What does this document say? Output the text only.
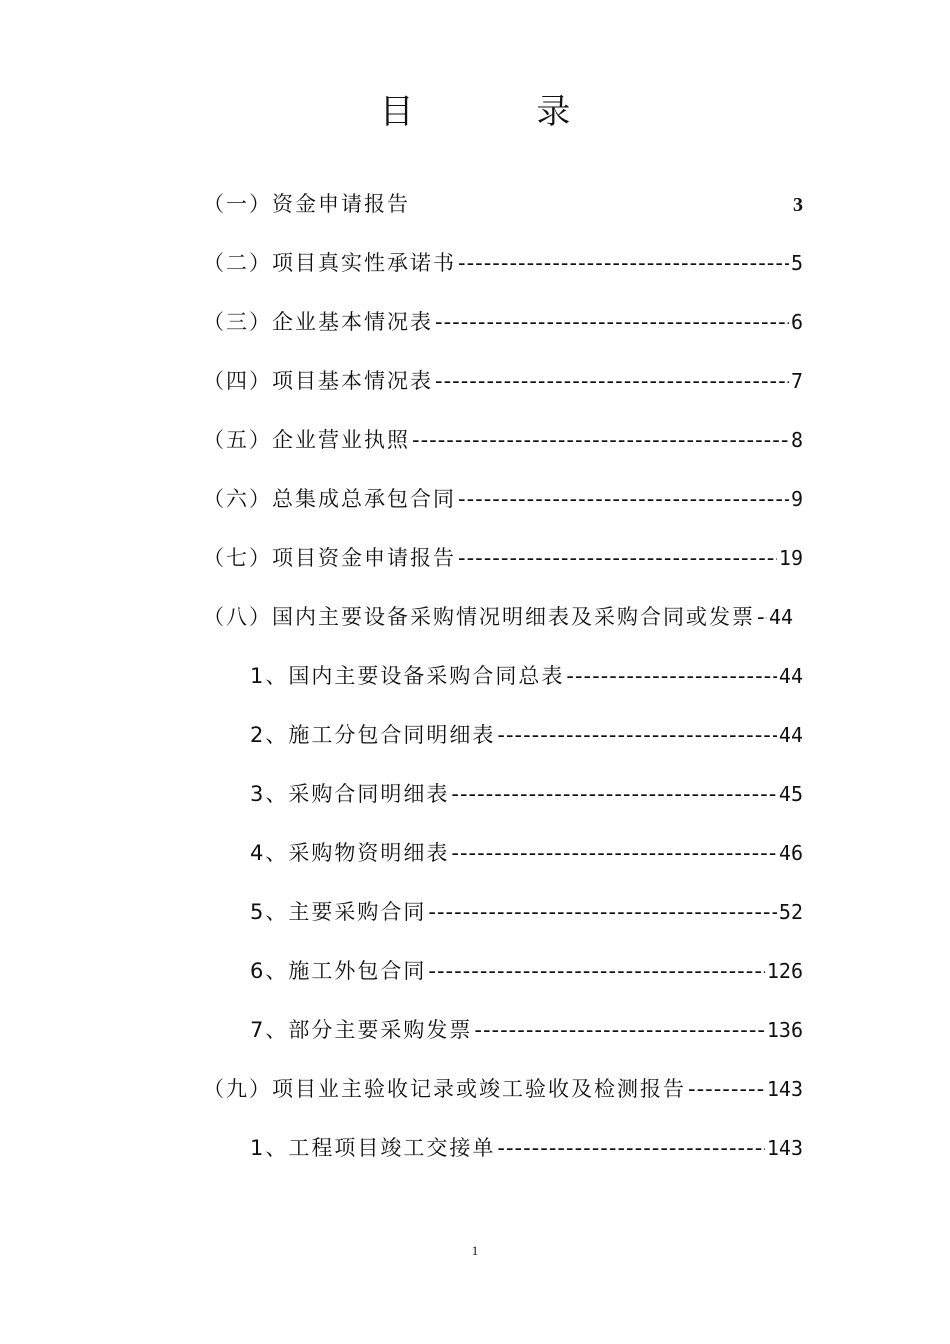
目 录
（一）资金申请报告	3
（二）项目真实性承诺书 -----	5
（三）企业基本情况表 -----	6
（四）项目基本情况表 -----	7
（五）企业营业执照 -----	8
（六）总集成总承包合同 -----	9
（七）项目资金申请报告 -----	19
（八）国内主要设备采购情况明细表及采购合同或发票 ----- 44
1、国内主要设备采购合同总表 -----	44
2、施工分包合同明细表 -----	44
3、采购合同明细表 -----	45
4、采购物资明细表 -----	46
5、主要采购合同 -----	52
6、施工外包合同 -----	126
7、部分主要采购发票 -----	136
（九）项目业主验收记录或竣工验收及检测报告 -----	143
1、工程项目竣工交接单 -----	143
1
